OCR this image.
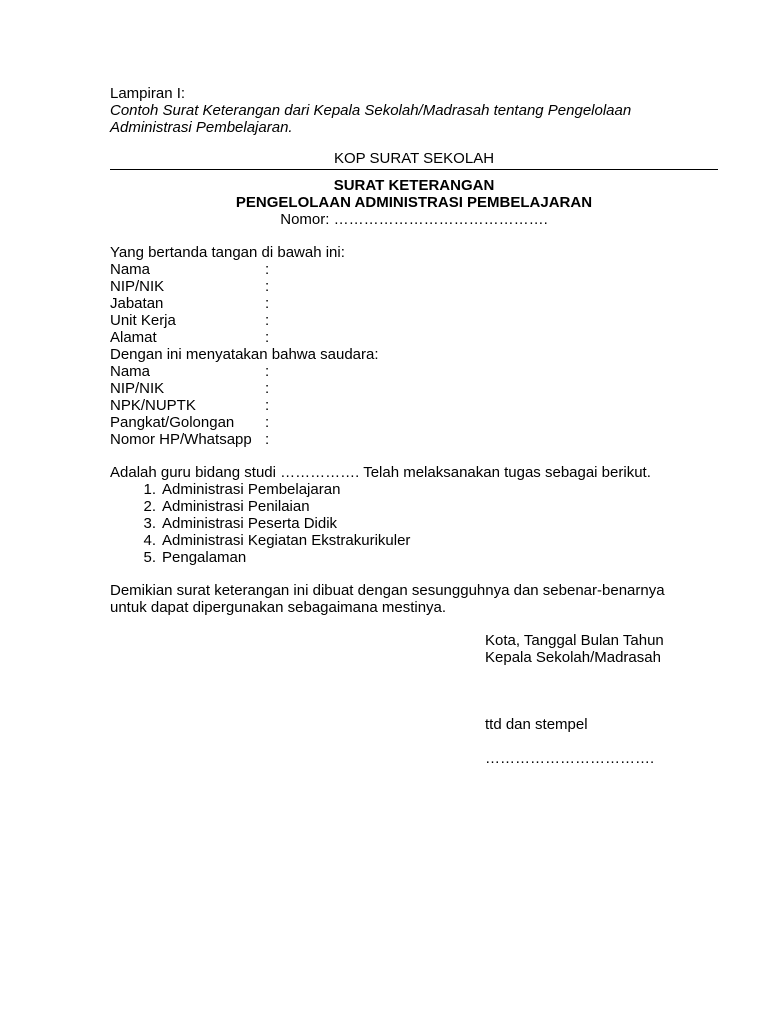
Lampiran I:
Contoh Surat Keterangan dari Kepala Sekolah/Madrasah tentang Pengelolaan
Administrasi Pembelajaran.
KOP SURAT SEKOLAH
SURAT KETERANGAN
PENGELOLAAN ADMINISTRASI PEMBELAJARAN
Nomor: …………………………………….
Yang bertanda tangan di bawah ini:
Nama	:
NIP/NIK	:
Jabatan	:
Unit Kerja	:
Alamat	:
Dengan ini menyatakan bahwa saudara:
Nama	:
NIP/NIK	:
NPK/NUPTK	:
Pangkat/Golongan	:
Nomor HP/Whatsapp :
Adalah guru bidang studi ……………. Telah melaksanakan tugas sebagai berikut.
1. Administrasi Pembelajaran
2. Administrasi Penilaian
3. Administrasi Peserta Didik
4. Administrasi Kegiatan Ekstrakurikuler
5. Pengalaman
Demikian surat keterangan ini dibuat dengan sesungguhnya dan sebenar-benarnya
untuk dapat dipergunakan sebagaimana mestinya.
Kota, Tanggal Bulan Tahun
Kepala Sekolah/Madrasah
ttd dan stempel
…………………………….
